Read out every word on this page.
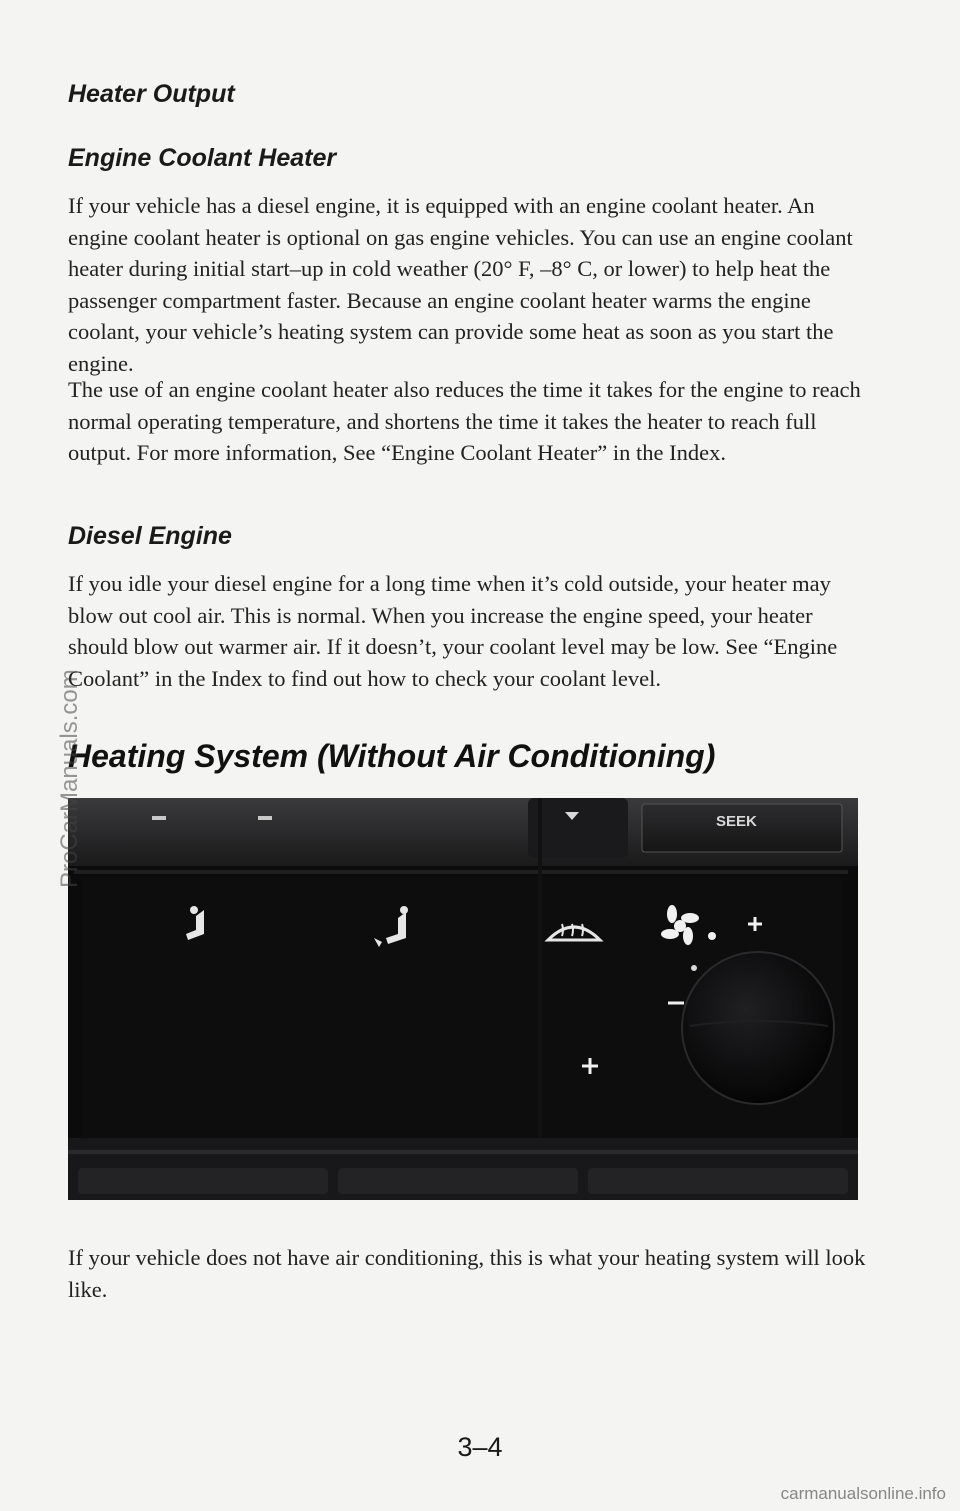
Heater Output
Engine Coolant Heater

If your vehicle has a diesel engine, it is equipped with an engine coolant heater. An engine coolant heater is optional on gas engine vehicles. You can use an engine coolant heater during initial start–up in cold weather (20° F, –8° C, or lower) to help heat the passenger compartment faster. Because an engine coolant heater warms the engine coolant, your vehicle’s heating system can provide some heat as soon as you start the engine.

The use of an engine coolant heater also reduces the time it takes for the engine to reach normal operating temperature, and shortens the time it takes the heater to reach full output. For more information, See “Engine Coolant Heater” in the Index.

Diesel Engine

If you idle your diesel engine for a long time when it’s cold outside, your heater may blow out cool air. This is normal. When you increase the engine speed, your heater should blow out warmer air. If it doesn’t, your coolant level may be low. See “Engine Coolant” in the Index to find out how to check your coolant level.

Heating System (Without Air Conditioning)
SEEK

If your vehicle does not have air conditioning, this is what your heating system will look like.

3–4

ProCarManuals.com
carmanualsonline.info
